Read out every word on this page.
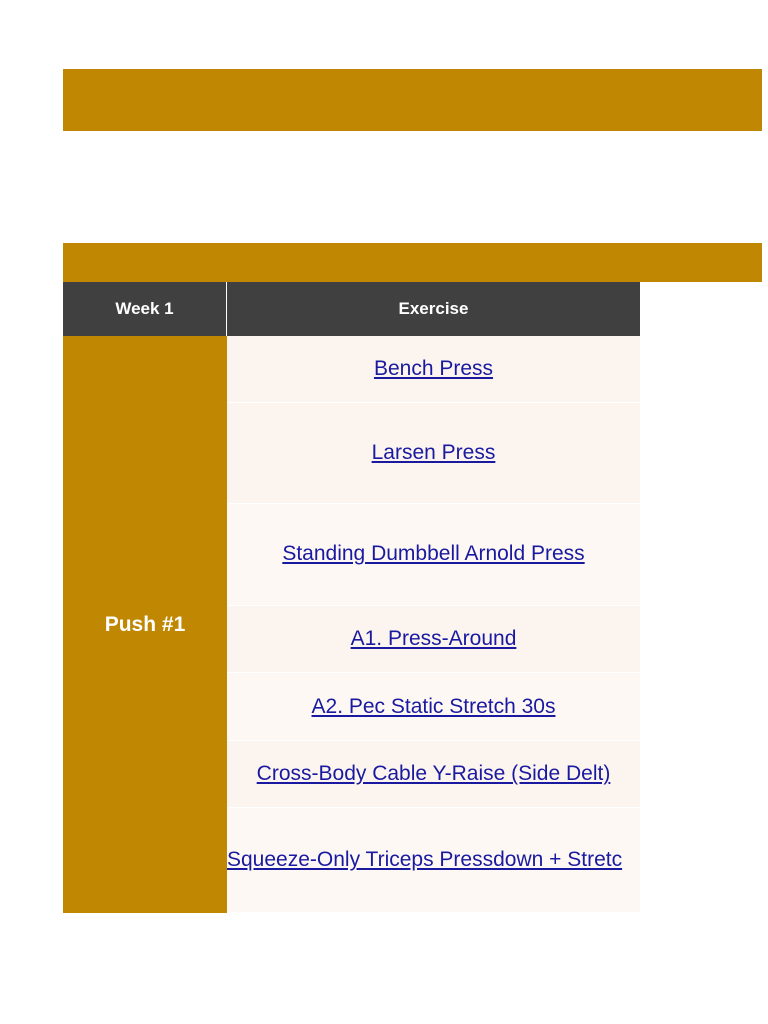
Week 1	Exercise
Push #1
Bench Press
Larsen Press
Standing Dumbbell Arnold Press
A1. Press-Around
A2. Pec Static Stretch 30s
Cross-Body Cable Y-Raise (Side Delt)
Squeeze-Only Triceps Pressdown + Stretc
